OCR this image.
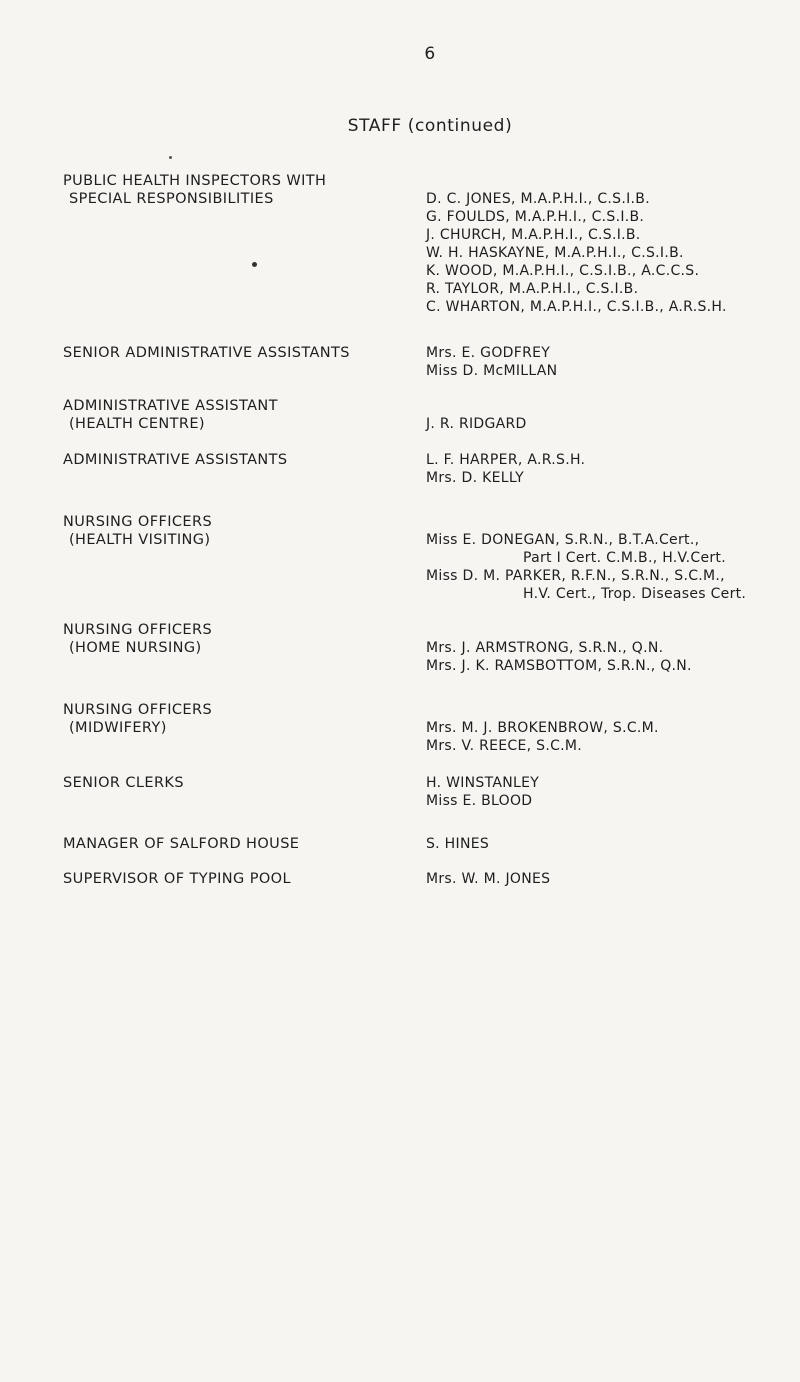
6
STAFF (continued)
PUBLIC HEALTH INSPECTORS WITH
SPECIAL RESPONSIBILITIES	D. C. JONES, M.A.P.H.I., C.S.I.B.
G. FOULDS, M.A.P.H.I., C.S.I.B.
J. CHURCH, M.A.P.H.I., C.S.I.B.
W. H. HASKAYNE, M.A.P.H.I., C.S.I.B.
K. WOOD, M.A.P.H.I., C.S.I.B., A.C.C.S.
R. TAYLOR, M.A.P.H.I., C.S.I.B.
C. WHARTON, M.A.P.H.I., C.S.I.B., A.R.S.H.
SENIOR ADMINISTRATIVE ASSISTANTS	Mrs. E. GODFREY
Miss D. McMILLAN
ADMINISTRATIVE ASSISTANT
(HEALTH CENTRE)	J. R. RIDGARD
ADMINISTRATIVE ASSISTANTS	L. F. HARPER, A.R.S.H.
Mrs. D. KELLY
NURSING OFFICERS
(HEALTH VISITING)	Miss E. DONEGAN, S.R.N., B.T.A.Cert.,
Part I Cert. C.M.B., H.V.Cert.
Miss D. M. PARKER, R.F.N., S.R.N., S.C.M.,
H.V. Cert., Trop. Diseases Cert.
NURSING OFFICERS
(HOME NURSING)	Mrs. J. ARMSTRONG, S.R.N., Q.N.
Mrs. J. K. RAMSBOTTOM, S.R.N., Q.N.
NURSING OFFICERS
(MIDWIFERY)	Mrs. M. J. BROKENBROW, S.C.M.
Mrs. V. REECE, S.C.M.
SENIOR CLERKS	H. WINSTANLEY
Miss E. BLOOD
MANAGER OF SALFORD HOUSE	S. HINES
SUPERVISOR OF TYPING POOL	Mrs. W. M. JONES
